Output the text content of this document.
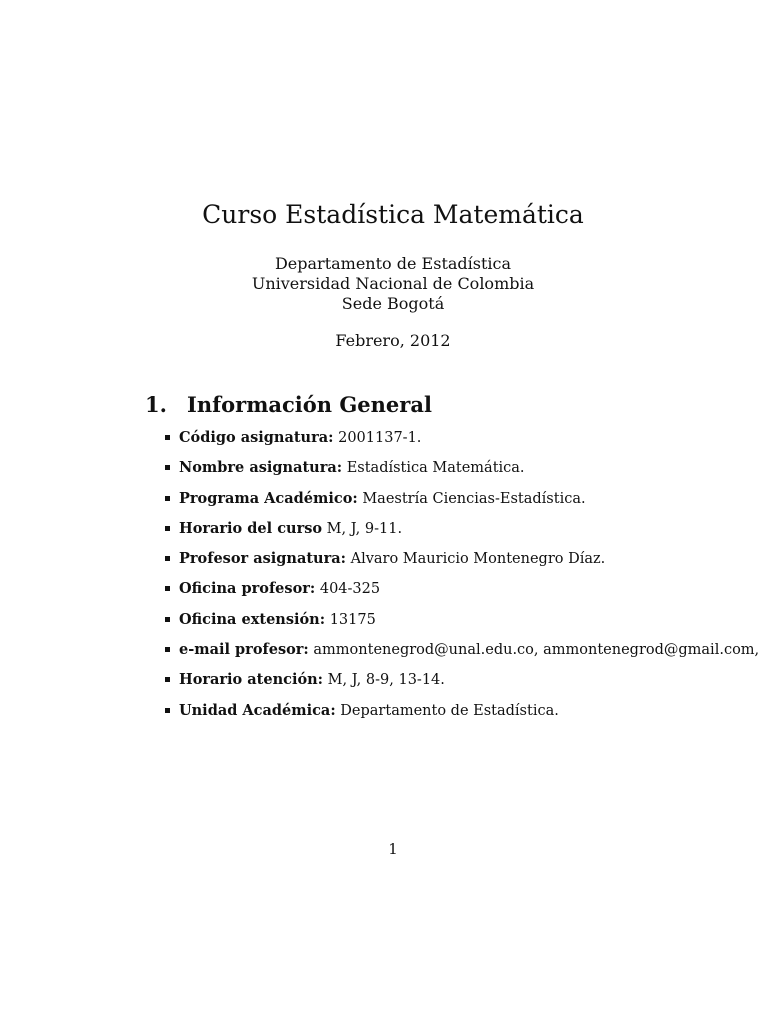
Curso Estadística Matemática
Departamento de Estadística
Universidad Nacional de Colombia
Sede Bogotá
Febrero, 2012
1. Información General
Código asignatura: 2001137-1.
Nombre asignatura: Estadística Matemática.
Programa Académico: Maestría Ciencias-Estadística.
Horario del curso M, J, 9-11.
Profesor asignatura: Alvaro Mauricio Montenegro Díaz.
Oficina profesor: 404-325
Oficina extensión: 13175
e-mail profesor: ammontenegrod@unal.edu.co, ammontenegrod@gmail.com,
Horario atención: M, J, 8-9, 13-14.
Unidad Académica: Departamento de Estadística.
1
